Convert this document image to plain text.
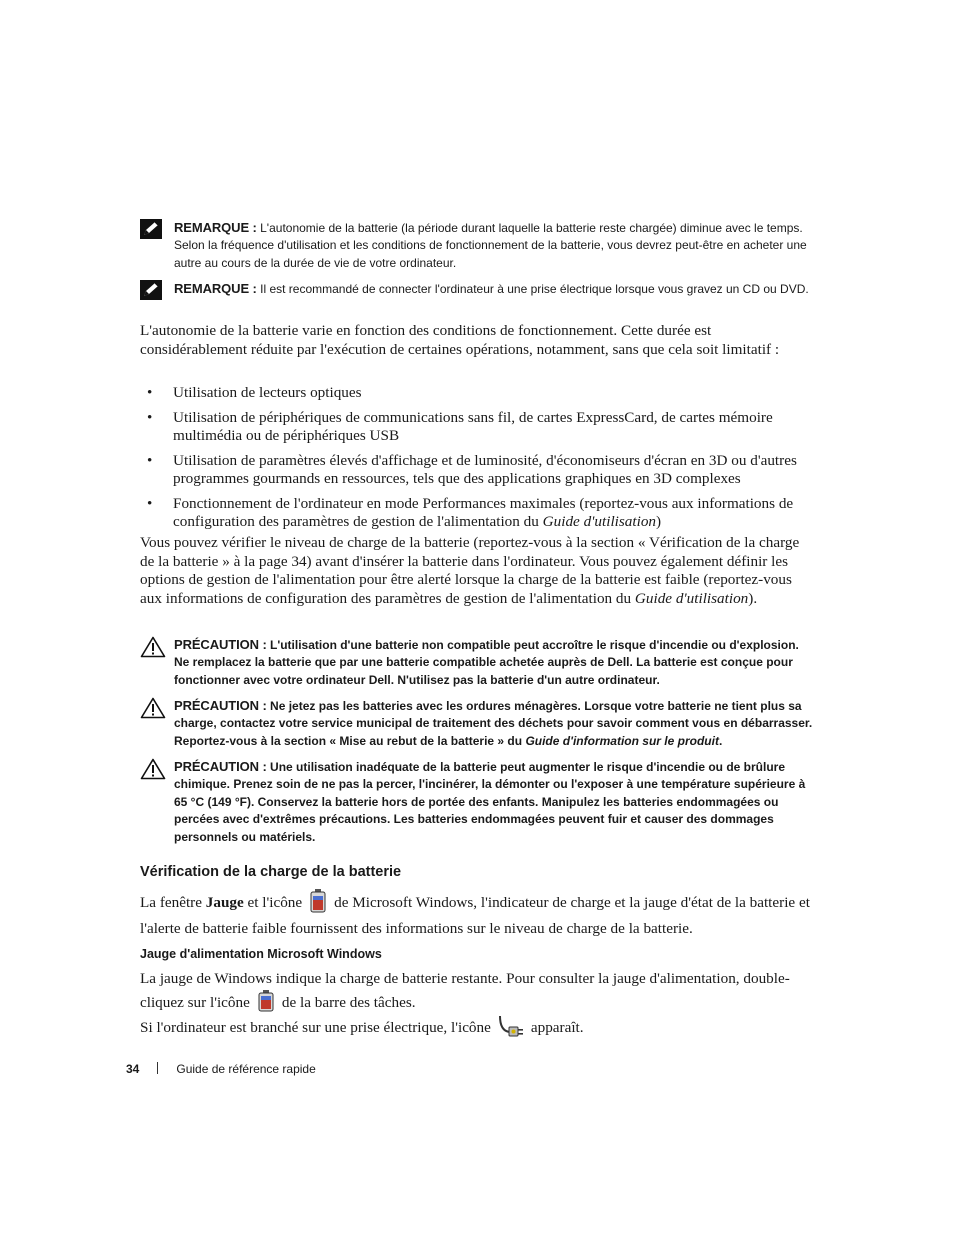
REMARQUE : L'autonomie de la batterie (la période durant laquelle la batterie reste chargée) diminue avec le temps. Selon la fréquence d'utilisation et les conditions de fonctionnement de la batterie, vous devrez peut-être en acheter une autre au cours de la durée de vie de votre ordinateur.
REMARQUE : Il est recommandé de connecter l'ordinateur à une prise électrique lorsque vous gravez un CD ou DVD.

L'autonomie de la batterie varie en fonction des conditions de fonctionnement. Cette durée est considérablement réduite par l'exécution de certaines opérations, notamment, sans que cela soit limitatif :

• Utilisation de lecteurs optiques
• Utilisation de périphériques de communications sans fil, de cartes ExpressCard, de cartes mémoire multimédia ou de périphériques USB
• Utilisation de paramètres élevés d'affichage et de luminosité, d'économiseurs d'écran en 3D ou d'autres programmes gourmands en ressources, tels que des applications graphiques en 3D complexes
• Fonctionnement de l'ordinateur en mode Performances maximales (reportez-vous aux informations de configuration des paramètres de gestion de l'alimentation du Guide d'utilisation)

Vous pouvez vérifier le niveau de charge de la batterie (reportez-vous à la section « Vérification de la charge de la batterie » à la page 34) avant d'insérer la batterie dans l'ordinateur. Vous pouvez également définir les options de gestion de l'alimentation pour être alerté lorsque la charge de la batterie est faible (reportez-vous aux informations de configuration des paramètres de gestion de l'alimentation du Guide d'utilisation).

PRÉCAUTION : L'utilisation d'une batterie non compatible peut accroître le risque d'incendie ou d'explosion. Ne remplacez la batterie que par une batterie compatible achetée auprès de Dell. La batterie est conçue pour fonctionner avec votre ordinateur Dell. N'utilisez pas la batterie d'un autre ordinateur.
PRÉCAUTION : Ne jetez pas les batteries avec les ordures ménagères. Lorsque votre batterie ne tient plus sa charge, contactez votre service municipal de traitement des déchets pour savoir comment vous en débarrasser. Reportez-vous à la section « Mise au rebut de la batterie » du Guide d'information sur le produit.
PRÉCAUTION : Une utilisation inadéquate de la batterie peut augmenter le risque d'incendie ou de brûlure chimique. Prenez soin de ne pas la percer, l'incinérer, la démonter ou l'exposer à une température supérieure à 65 °C (149 °F). Conservez la batterie hors de portée des enfants. Manipulez les batteries endommagées ou percées avec d'extrêmes précautions. Les batteries endommagées peuvent fuir et causer des dommages personnels ou matériels.
Vérification de la charge de la batterie

La fenêtre Jauge et l'icône de Microsoft Windows, l'indicateur de charge et la jauge d'état de la batterie et l'alerte de batterie faible fournissent des informations sur le niveau de charge de la batterie.

Jauge d'alimentation Microsoft Windows

La jauge de Windows indique la charge de batterie restante. Pour consulter la jauge d'alimentation, double-cliquez sur l'icône de la barre des tâches.

Si l'ordinateur est branché sur une prise électrique, l'icône	apparaît.

34	Guide de référence rapide
